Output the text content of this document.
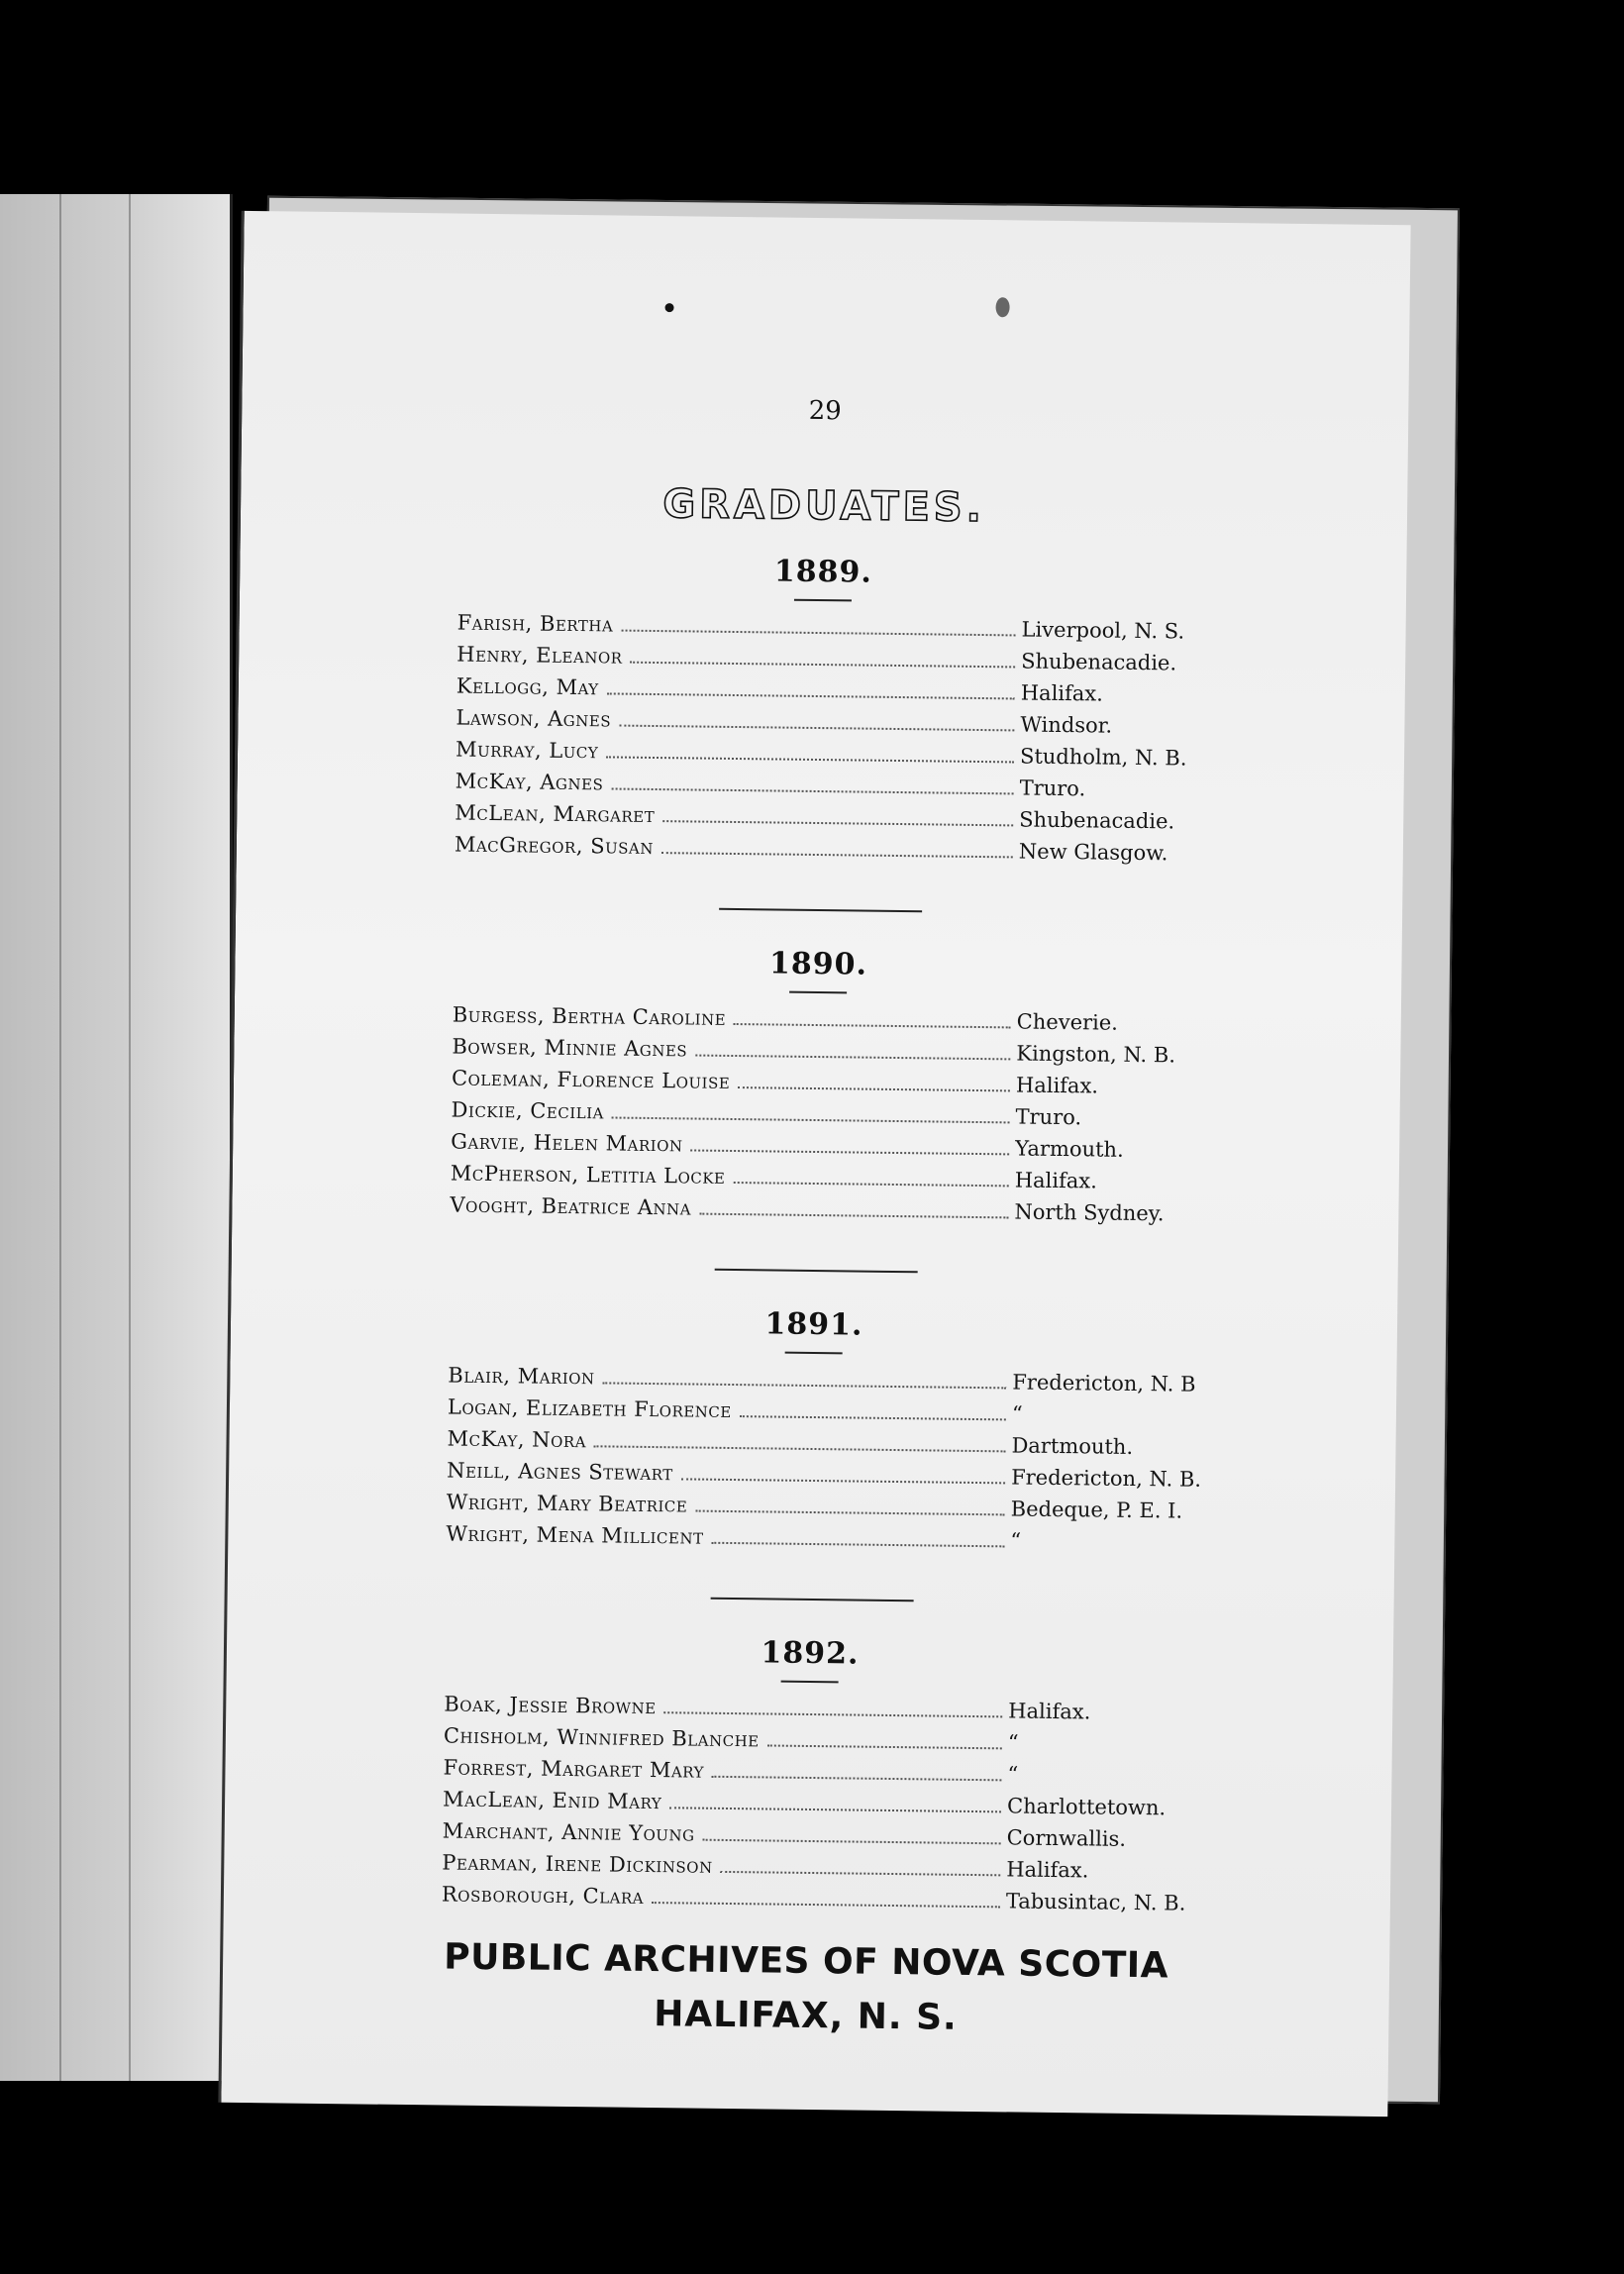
29
GRADUATES.
1889.
Farish, Bertha	Liverpool, N. S.
Henry, Eleanor	Shubenacadie.
Kellogg, May	Halifax.
Lawson, Agnes	Windsor.
Murray, Lucy	Studholm, N. B.
McKay, Agnes	Truro.
McLean, Margaret	Shubenacadie.
MacGregor, Susan	New Glasgow.
1890.
Burgess, Bertha Caroline	Cheverie.
Bowser, Minnie Agnes	Kingston, N. B.
Coleman, Florence Louise	Halifax.
Dickie, Cecilia	Truro.
Garvie, Helen Marion	Yarmouth.
McPherson, Letitia Locke	Halifax.
Vooght, Beatrice Anna	North Sydney.
1891.
Blair, Marion	Fredericton, N. B
Logan, Elizabeth Florence	“
McKay, Nora	Dartmouth.
Neill, Agnes Stewart	Fredericton, N. B.
Wright, Mary Beatrice	Bedeque, P. E. I.
Wright, Mena Millicent	“
1892.
Boak, Jessie Browne	Halifax.
Chisholm, Winnifred Blanche	“
Forrest, Margaret Mary	“
MacLean, Enid Mary	Charlottetown.
Marchant, Annie Young	Cornwallis.
Pearman, Irene Dickinson	Halifax.
Rosborough, Clara	Tabusintac, N. B.
PUBLIC ARCHIVES OF NOVA SCOTIA
HALIFAX, N. S.
